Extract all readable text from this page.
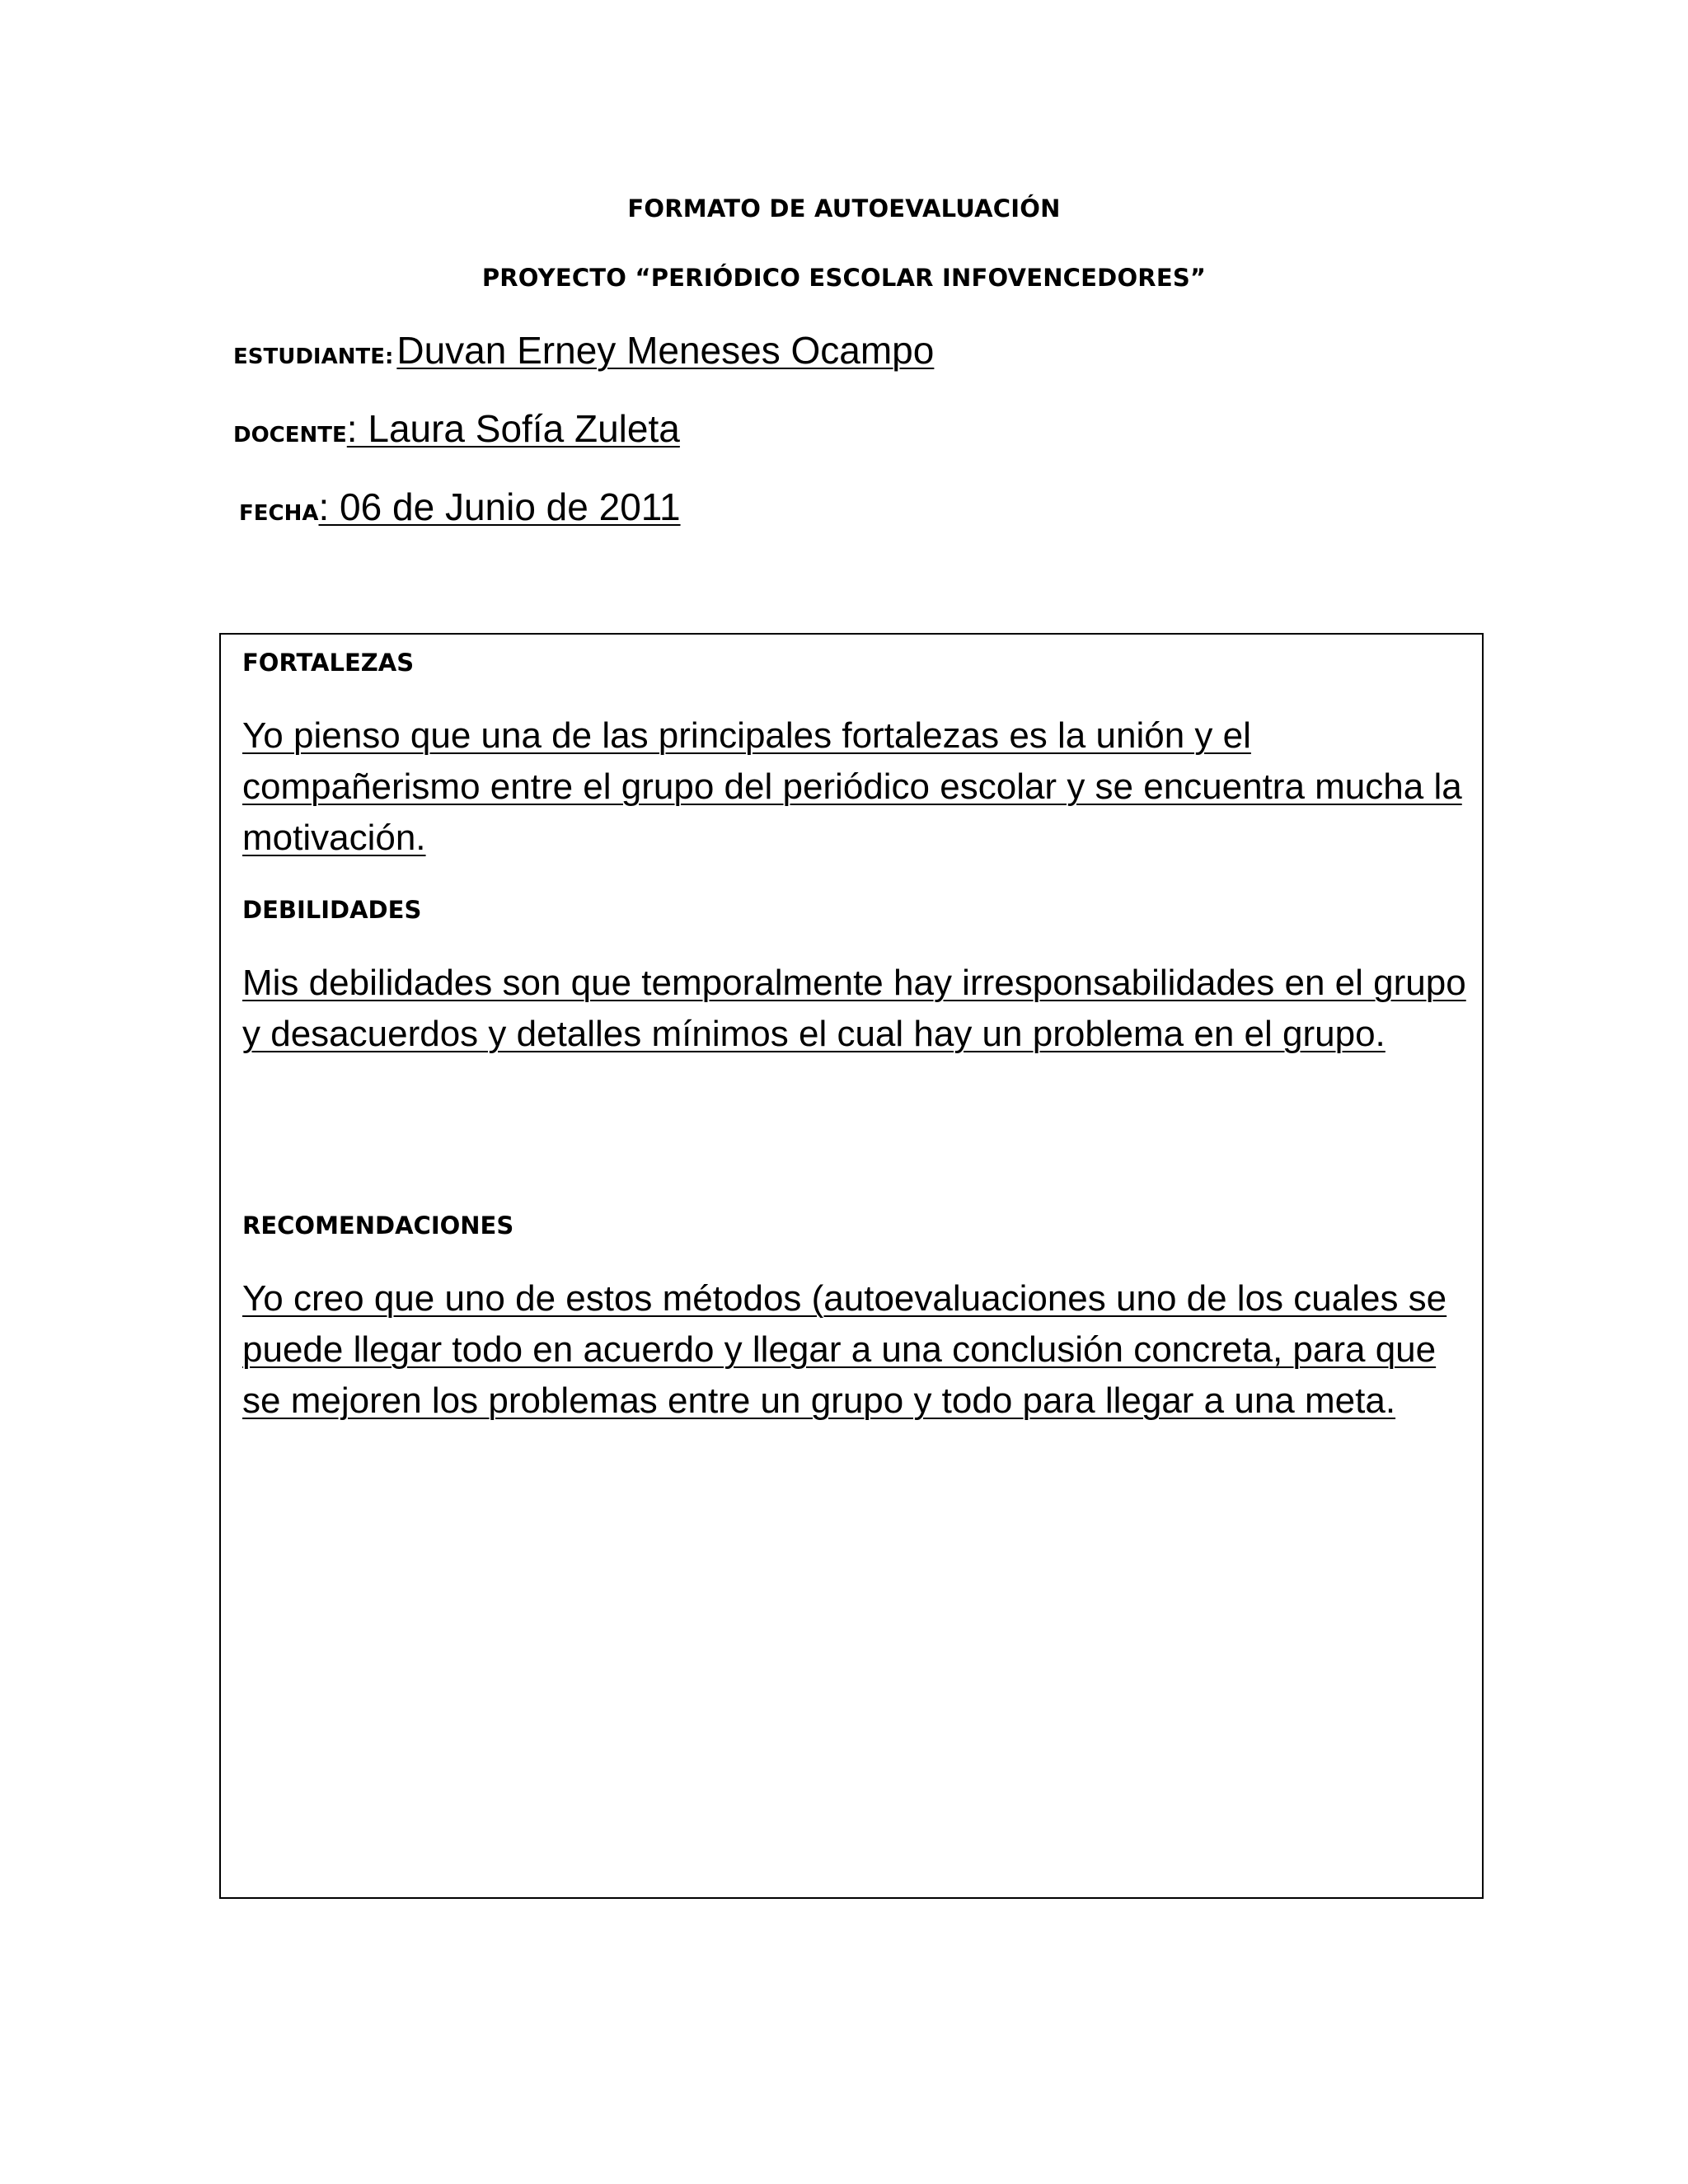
FORMATO DE AUTOEVALUACIÓN
PROYECTO “PERIÓDICO ESCOLAR INFOVENCEDORES”
ESTUDIANTE: Duvan Erney Meneses Ocampo
DOCENTE: Laura Sofía Zuleta
FECHA: 06 de Junio de 2011
FORTALEZAS

Yo pienso que una de las principales fortalezas es la unión y el compañerismo entre el grupo del periódico escolar y se encuentra mucha la motivación.

DEBILIDADES

Mis debilidades son que temporalmente hay irresponsabilidades en el grupo y desacuerdos y detalles mínimos el cual hay un problema en el grupo.

RECOMENDACIONES

Yo creo que uno de estos métodos (autoevaluaciones uno de los cuales se puede llegar todo en acuerdo y llegar a una conclusión concreta, para que se mejoren los problemas entre un grupo y todo para llegar a una meta.
